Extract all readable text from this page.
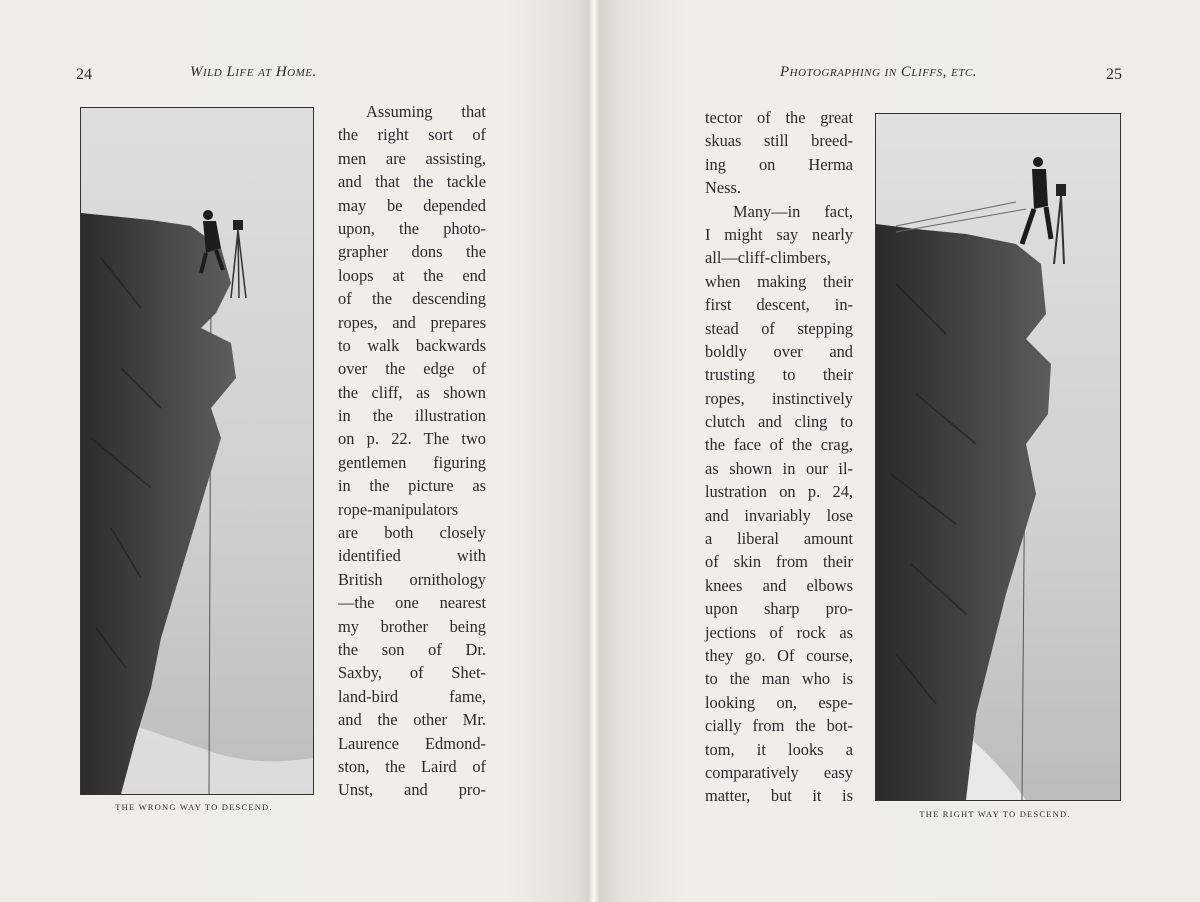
24	Wild Life at Home.	Photographing in Cliffs, etc.	25
THE WRONG WAY TO DESCEND.
Assuming that
the right sort of
men are assisting,
and that the tackle
may be depended
upon, the photo-
grapher dons the
loops at the end
of the descending
ropes, and prepares
to walk backwards
over the edge of
the cliff, as shown
in the illustration
on p. 22. The two
gentlemen figuring
in the picture as
rope-manipulators
are both closely
identified with
British ornithology
—the one nearest
my brother being
the son of Dr.
Saxby, of Shet-
land-bird fame,
and the other Mr.
Laurence Edmond-
ston, the Laird of
Unst, and pro-
tector of the great
skuas still breed-
ing on Herma
Ness.
Many—in fact,
I might say nearly
all—cliff-climbers,
when making their
first descent, in-
stead of stepping
boldly over and
trusting to their
ropes, instinctively
clutch and cling to
the face of the crag,
as shown in our il-
lustration on p. 24,
and invariably lose
a liberal amount
of skin from their
knees and elbows
upon sharp pro-
jections of rock as
they go. Of course,
to the man who is
looking on, espe-
cially from the bot-
tom, it looks a
comparatively easy
matter, but it is
THE RIGHT WAY TO DESCEND.
